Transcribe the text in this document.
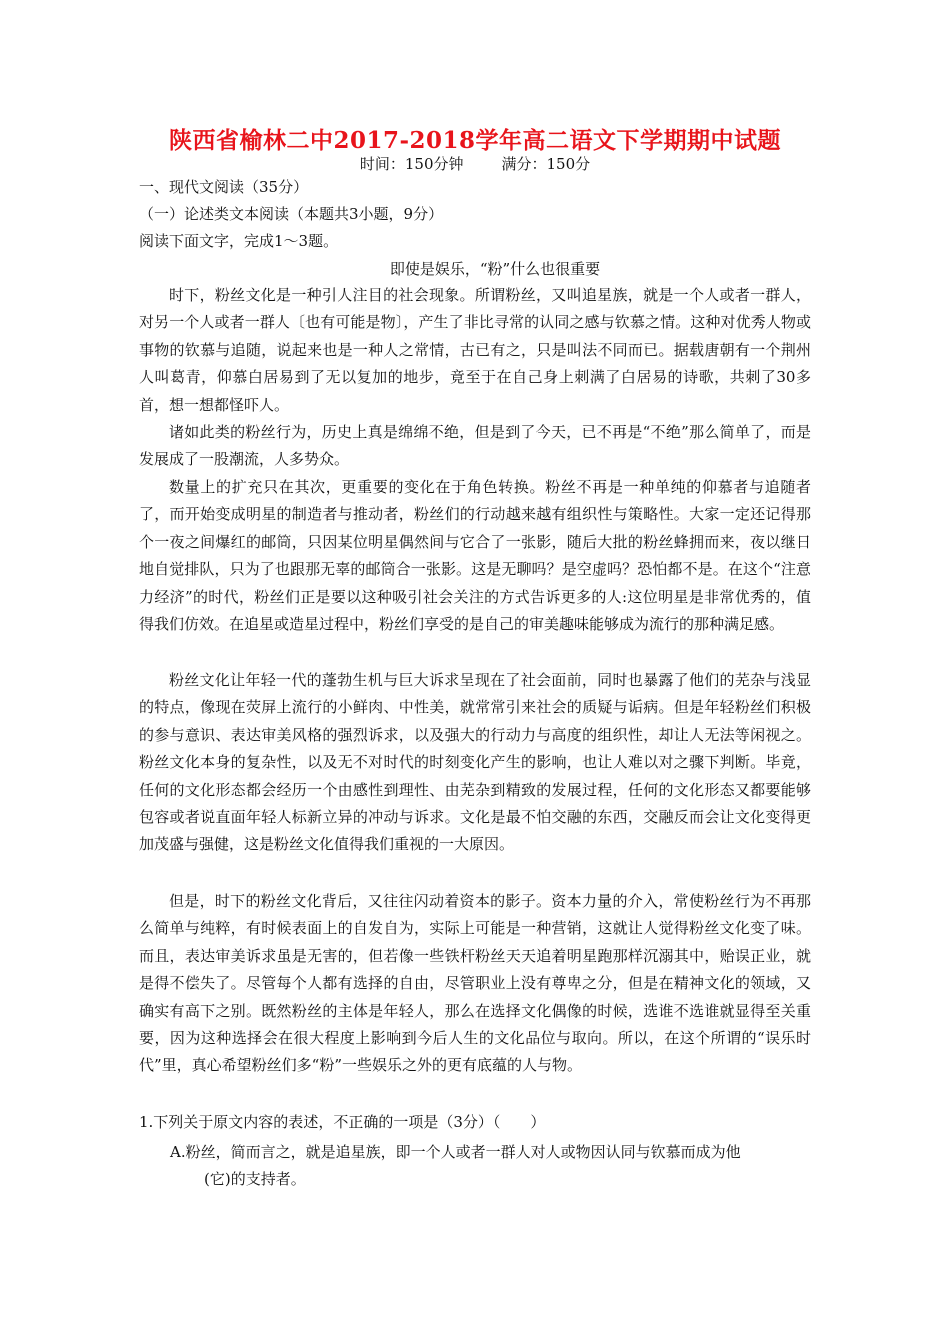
陕西省榆林二中2017-2018学年高二语文下学期期中试题
时间：150分钟	满分：150分
一、现代文阅读（35分）
（一）论述类文本阅读（本题共3小题，9分）
阅读下面文字，完成1～3题。
即使是娱乐，“粉”什么也很重要
时下，粉丝文化是一种引人注目的社会现象。所谓粉丝，又叫追星族，就是一个人或者一群人，对另一个人或者一群人〔也有可能是物〕，产生了非比寻常的认同之感与钦慕之情。这种对优秀人物或事物的钦慕与追随，说起来也是一种人之常情，古已有之，只是叫法不同而已。据载唐朝有一个荆州人叫葛青，仰慕白居易到了无以复加的地步，竟至于在自己身上刺满了白居易的诗歌，共刺了30多首，想一想都怪吓人。
诸如此类的粉丝行为，历史上真是绵绵不绝，但是到了今天，已不再是“不绝”那么简单了，而是发展成了一股潮流，人多势众。
数量上的扩充只在其次，更重要的变化在于角色转换。粉丝不再是一种单纯的仰慕者与追随者了，而开始变成明星的制造者与推动者，粉丝们的行动越来越有组织性与策略性。大家一定还记得那个一夜之间爆红的邮筒，只因某位明星偶然间与它合了一张影，随后大批的粉丝蜂拥而来，夜以继日地自觉排队，只为了也跟那无辜的邮筒合一张影。这是无聊吗？是空虚吗？恐怕都不是。在这个“注意力经济”的时代，粉丝们正是要以这种吸引社会关注的方式告诉更多的人:这位明星是非常优秀的，值得我们仿效。在追星或造星过程中，粉丝们享受的是自己的审美趣味能够成为流行的那种满足感。
粉丝文化让年轻一代的蓬勃生机与巨大诉求呈现在了社会面前，同时也暴露了他们的芜杂与浅显的特点，像现在荧屏上流行的小鲜肉、中性美，就常常引来社会的质疑与诟病。但是年轻粉丝们积极的参与意识、表达审美风格的强烈诉求，以及强大的行动力与高度的组织性，却让人无法等闲视之。粉丝文化本身的复杂性，以及无不对时代的时刻变化产生的影响，也让人难以对之骤下判断。毕竟，任何的文化形态都会经历一个由感性到理性、由芜杂到精致的发展过程，任何的文化形态又都要能够包容或者说直面年轻人标新立异的冲动与诉求。文化是最不怕交融的东西，交融反而会让文化变得更加茂盛与强健，这是粉丝文化值得我们重视的一大原因。
但是，时下的粉丝文化背后，又往往闪动着资本的影子。资本力量的介入，常使粉丝行为不再那么简单与纯粹，有时候表面上的自发自为，实际上可能是一种营销，这就让人觉得粉丝文化变了味。而且，表达审美诉求虽是无害的，但若像一些铁杆粉丝天天追着明星跑那样沉溺其中，贻误正业，就是得不偿失了。尽管每个人都有选择的自由，尽管职业上没有尊卑之分，但是在精神文化的领域，又确实有高下之别。既然粉丝的主体是年轻人，那么在选择文化偶像的时候，选谁不选谁就显得至关重要，因为这种选择会在很大程度上影响到今后人生的文化品位与取向。所以，在这个所谓的“误乐时代”里，真心希望粉丝们多“粉”一些娱乐之外的更有底蕴的人与物。
1.下列关于原文内容的表述，不正确的一项是（3分）（　　）
A.粉丝，简而言之，就是追星族，即一个人或者一群人对人或物因认同与钦慕而成为他
(它)的支持者。
